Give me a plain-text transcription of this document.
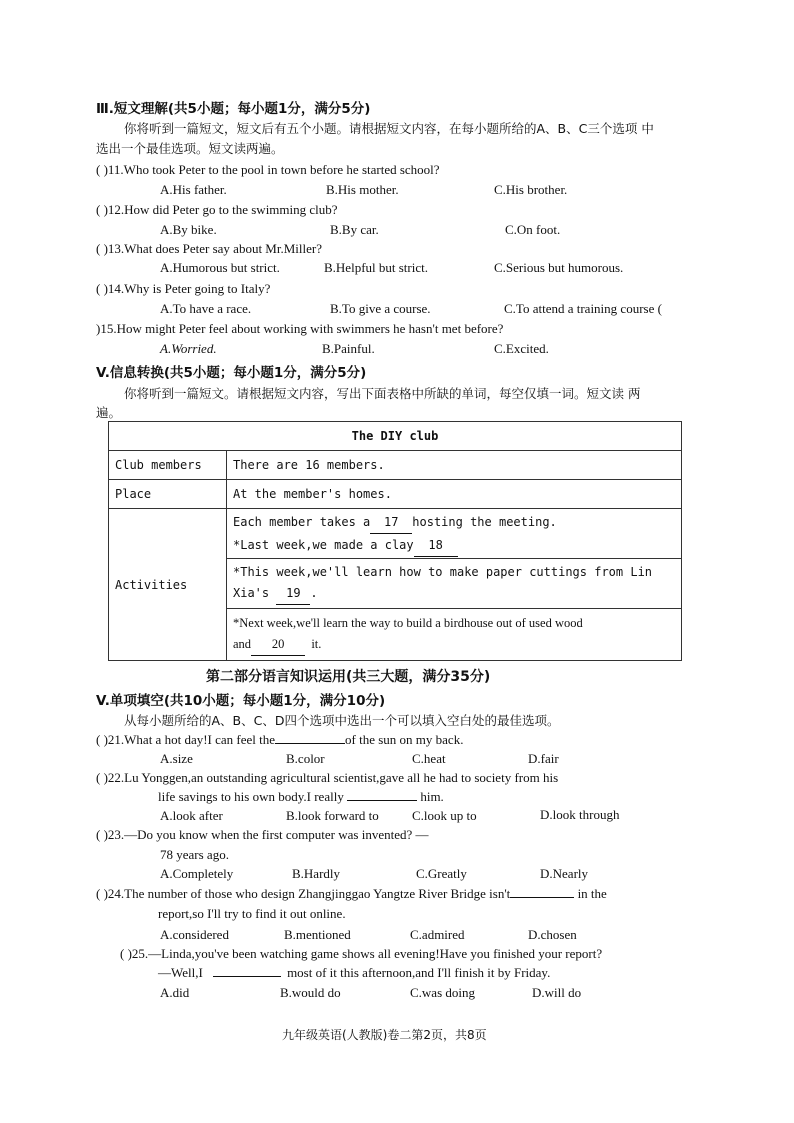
Ⅲ.短文理解(共5小题；每小题1分，满分5分)
你将听到一篇短文，短文后有五个小题。请根据短文内容，在每小题所给的A、B、C三个选项 中
选出一个最佳选项。短文读两遍。
( )11.Who took Peter to the pool in town before he started school?
A.His father.	B.His mother.	C.His brother.
( )12.How did Peter go to the swimming club?
A.By bike.	B.By car.	C.On foot.
( )13.What does Peter say about Mr.Miller?
A.Humorous but strict.	B.Helpful but strict.	C.Serious but humorous.
( )14.Why is Peter going to Italy?
A.To have a race.	B.To give a course.	C.To attend a training course (
)15.How might Peter feel about working with swimmers he hasn't met before?
A.Worried.	B.Painful.	C.Excited.
V.信息转换(共5小题；每小题1分，满分5分)
你将听到一篇短文。请根据短文内容，写出下面表格中所缺的单词，每空仅填一词。短文读 两
遍。
The DIY club	
Club members	There are 16 members.
Place	At the member's homes.
Activities	Each member takes a 17 hosting the meeting.
*Last week,we made a clay 18

	*This week,we'll learn how to make paper cuttings from Lin
Xia's 19 .

	*Next week,we'll learn the way to build a birdhouse out of used wood
and 20 it.
第二部分语言知识运用(共三大题，满分35分)
V.单项填空(共10小题；每小题1分，满分10分)
从每小题所给的A、B、C、D四个选项中选出一个可以填入空白处的最佳选项。
( )21.What a hot day!I can feel the	of the sun on my back.
A.size	B.color	C.heat	D.fair
( )22.Lu Yonggen,an outstanding agricultural scientist,gave all he had to society from his
life savings to his own body.I really	him.
A.look after	B.look forward to	C.look up to	D.look through
( )23.—Do you know when the first computer was invented? —
78 years ago.
A.Completely	B.Hardly	C.Greatly	D.Nearly
( )24.The number of those who design Zhangjinggao Yangtze River Bridge isn't	in the
report,so I'll try to find it out online.
A.considered	B.mentioned	C.admired	D.chosen
( )25.—Linda,you've been watching game shows all evening!Have you finished your report?
—Well,I	most of it this afternoon,and I'll finish it by Friday.
A.did	B.would do	C.was doing	D.will do
九年级英语(人教版)卷二第2页，共8页
